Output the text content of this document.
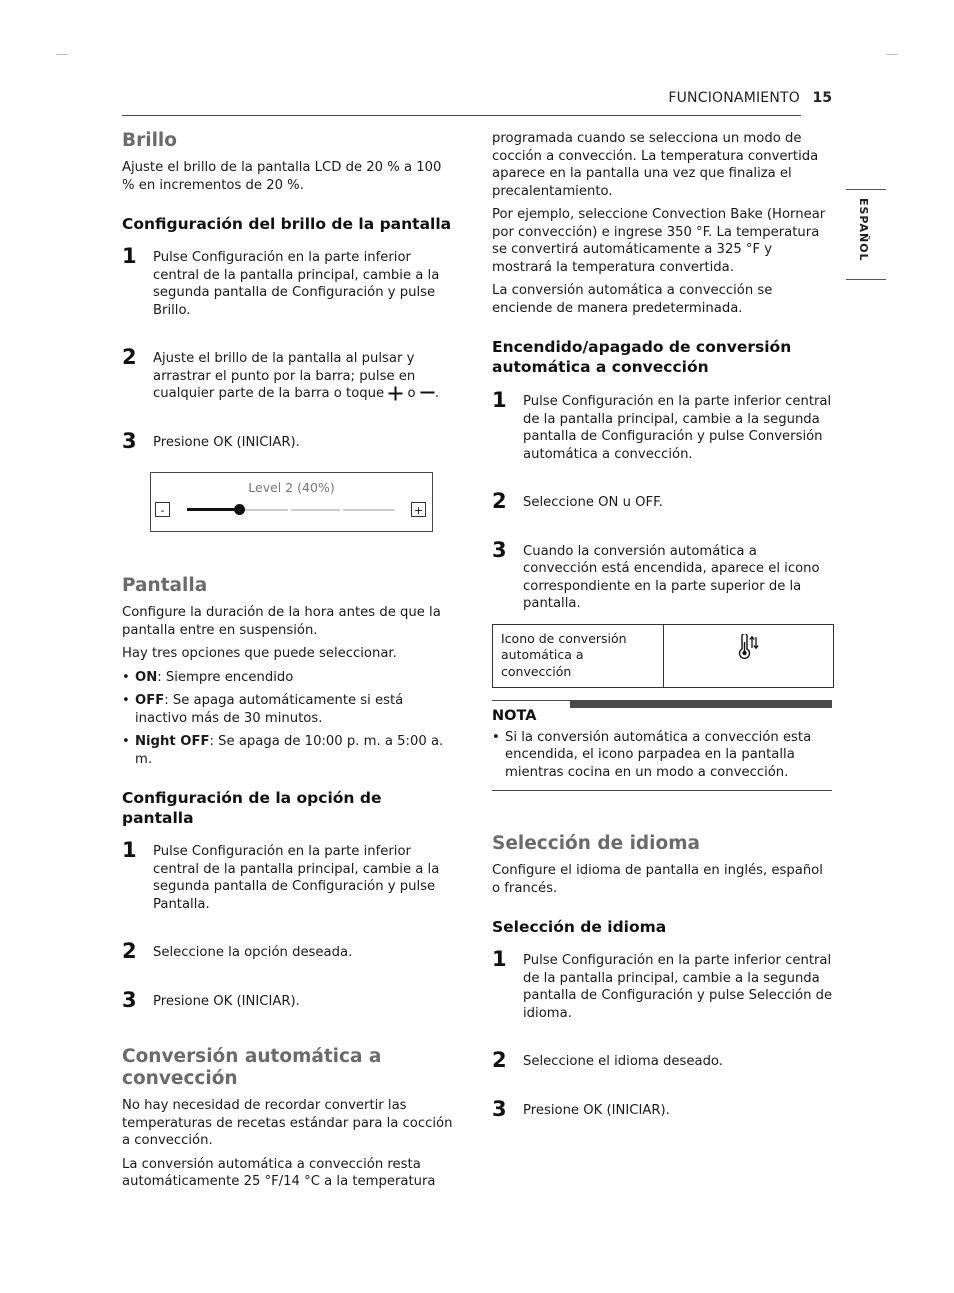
FUNCIONAMIENTO 15
ESPAÑOL
Brillo

Ajuste el brillo de la pantalla LCD de 20 % a 100 % en incrementos de 20 %.

Configuración del brillo de la pantalla
1 Pulse Configuración en la parte inferior central de la pantalla principal, cambie a la segunda pantalla de Configuración y pulse Brillo.
2 Ajuste el brillo de la pantalla al pulsar y arrastrar el punto por la barra; pulse en cualquier parte de la barra o toque o .
3 Presione OK (INICIAR).
Level 2 (40%)
-	+
Pantalla

Configure la duración de la hora antes de que la pantalla entre en suspensión.

Hay tres opciones que puede seleccionar.

• ON: Siempre encendido
• OFF: Se apaga automáticamente si está inactivo más de 30 minutos.
• Night OFF: Se apaga de 10:00 p. m. a 5:00 a. m.
Configuración de la opción de pantalla
1 Pulse Configuración en la parte inferior central de la pantalla principal, cambie a la segunda pantalla de Configuración y pulse Pantalla.
2 Seleccione la opción deseada.
3 Presione OK (INICIAR).
Conversión automática a convección

No hay necesidad de recordar convertir las temperaturas de recetas estándar para la cocción a convección.

La conversión automática a convección resta automáticamente 25 °F/14 °C a la temperatura

programada cuando se selecciona un modo de cocción a convección. La temperatura convertida aparece en la pantalla una vez que finaliza el precalentamiento.

Por ejemplo, seleccione Convection Bake (Hornear por convección) e ingrese 350 °F. La temperatura se convertirá automáticamente a 325 °F y mostrará la temperatura convertida.

La conversión automática a convección se enciende de manera predeterminada.

Encendido/apagado de conversión automática a convección
1 Pulse Configuración en la parte inferior central de la pantalla principal, cambie a la segunda pantalla de Configuración y pulse Conversión automática a convección.
2 Seleccione ON u OFF.
3 Cuando la conversión automática a convección está encendida, aparece el icono correspondiente en la parte superior de la pantalla.
Icono de conversión automática a convección
NOTA
• Si la conversión automática a convección esta encendida, el icono parpadea en la pantalla mientras cocina en un modo a convección.
Selección de idioma

Configure el idioma de pantalla en inglés, español o francés.

Selección de idioma
1 Pulse Configuración en la parte inferior central de la pantalla principal, cambie a la segunda pantalla de Configuración y pulse Selección de idioma.
2 Seleccione el idioma deseado.
3 Presione OK (INICIAR).
